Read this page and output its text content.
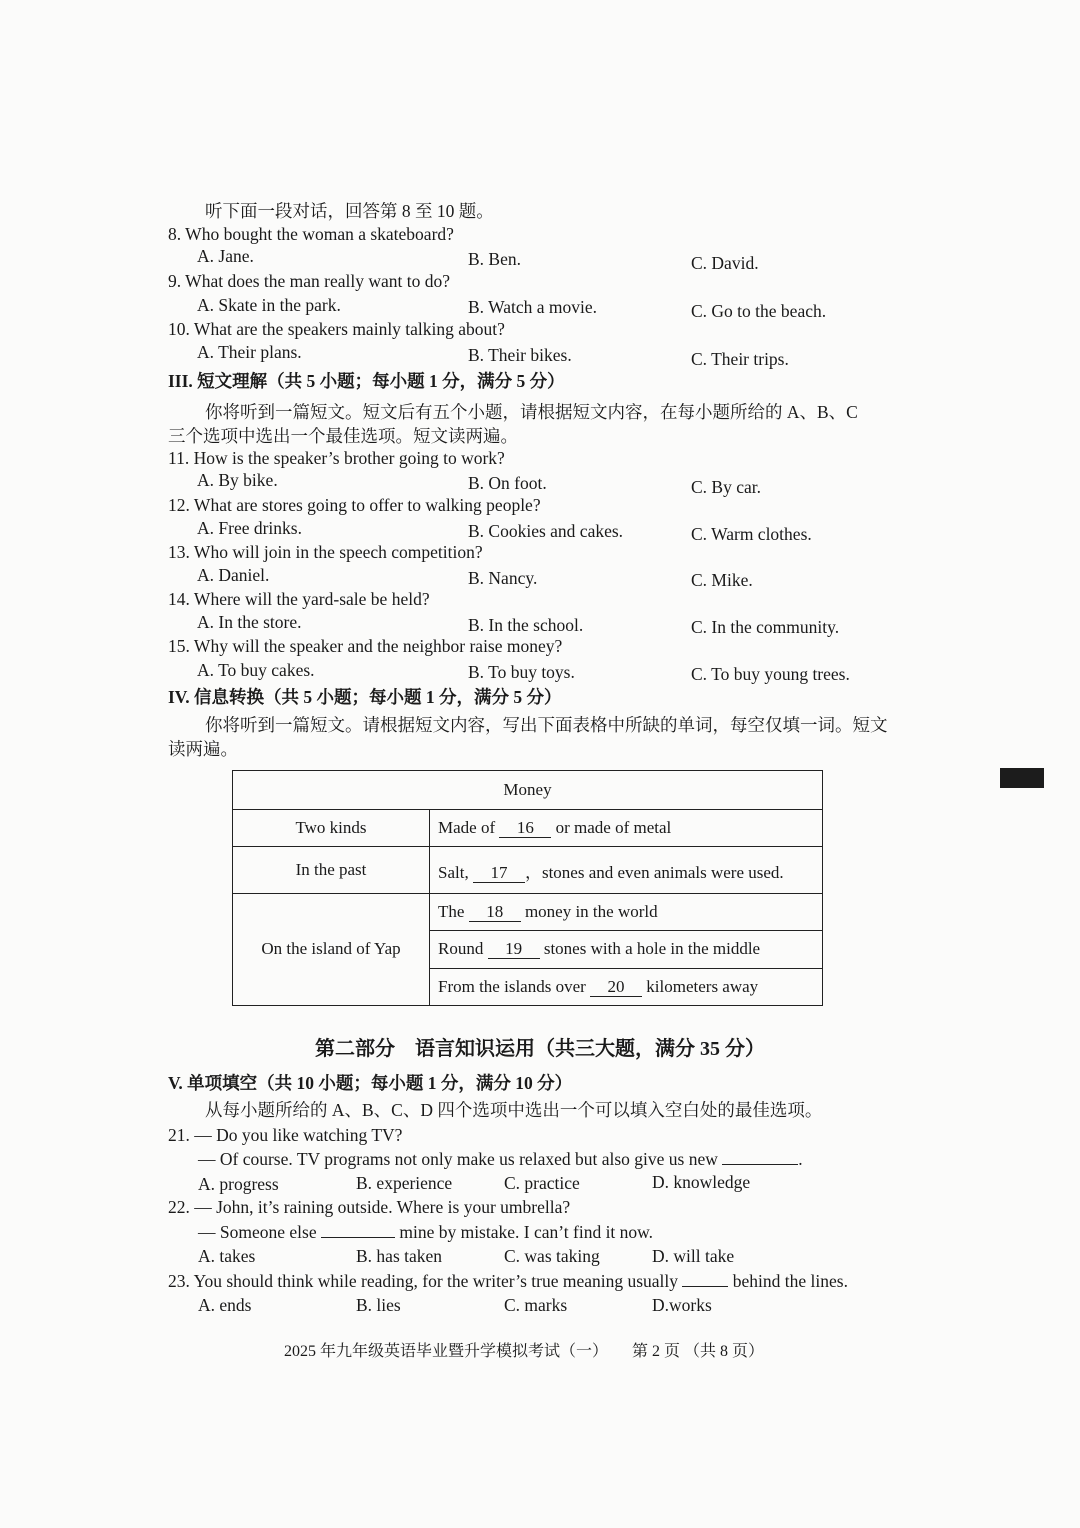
听下面一段对话，回答第 8 至 10 题。
8. Who bought the woman a skateboard?
A. Jane.	B. Ben.	C. David.
9. What does the man really want to do?
A. Skate in the park.	B. Watch a movie.	C. Go to the beach.
10. What are the speakers mainly talking about?
A. Their plans.	B. Their bikes.	C. Their trips.
III. 短文理解（共 5 小题；每小题 1 分，满分 5 分）
你将听到一篇短文。短文后有五个小题，请根据短文内容，在每小题所给的 A、B、C
三个选项中选出一个最佳选项。短文读两遍。
11. How is the speaker’s brother going to work?
A. By bike.	B. On foot.	C. By car.
12. What are stores going to offer to walking people?
A. Free drinks.	B. Cookies and cakes.	C. Warm clothes.
13. Who will join in the speech competition?
A. Daniel.	B. Nancy.	C. Mike.
14. Where will the yard-sale be held?
A. In the store.	B. In the school.	C. In the community.
15. Why will the speaker and the neighbor raise money?
A. To buy cakes.	B. To buy toys.	C. To buy young trees.
IV. 信息转换（共 5 小题；每小题 1 分，满分 5 分）
你将听到一篇短文。请根据短文内容，写出下面表格中所缺的单词，每空仅填一词。短文
读两遍。
Money	
Two kinds	Made of 16 or made of metal
In the past	Salt, 17 ，stones and even animals were used.
On the island of Yap	The 18 money in the world
	Round 19 stones with a hole in the middle
	From the islands over 20 kilometers away
第二部分　语言知识运用（共三大题，满分 35 分）
V. 单项填空（共 10 小题；每小题 1 分，满分 10 分）
从每小题所给的 A、B、C、D 四个选项中选出一个可以填入空白处的最佳选项。
21. — Do you like watching TV?
— Of course. TV programs not only make us relaxed but also give us new	.
A. progress	B. experience	C. practice	D. knowledge
22. — John, it’s raining outside. Where is your umbrella?
— Someone else	mine by mistake. I can’t find it now.
A. takes	B. has taken	C. was taking	D. will take
23. You should think while reading, for the writer’s true meaning usually	behind the lines.
A. ends	B. lies	C. marks	D.works
2025 年九年级英语毕业暨升学模拟考试（一）　　第 2 页 （共 8 页）
